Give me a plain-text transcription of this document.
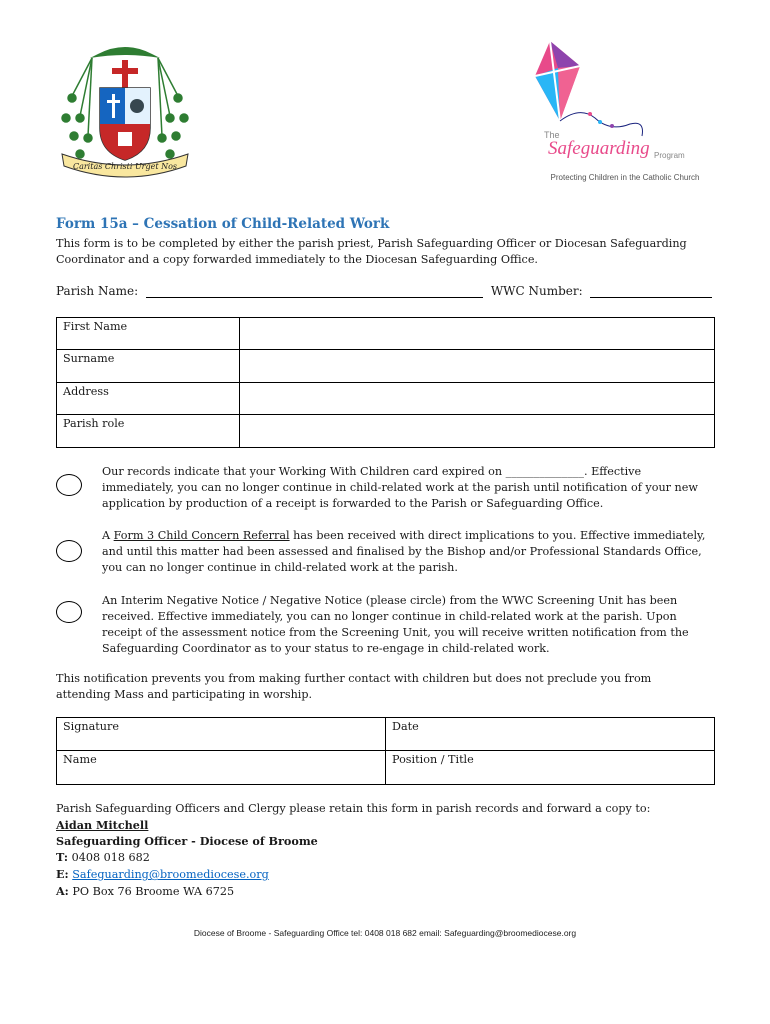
Caritas Christi Urget Nos
The
Safeguarding Program
Protecting Children in the Catholic Church
Form 15a – Cessation of Child-Related Work
This form is to be completed by either the parish priest, Parish Safeguarding Officer or Diocesan Safeguarding Coordinator and a copy forwarded immediately to the Diocesan Safeguarding Office.
Parish Name:	WWC Number:
First Name	
Surname	
Address	
Parish role	
Our records indicate that your Working With Children card expired on ______________. Effective immediately, you can no longer continue in child-related work at the parish until notification of your new application by production of a receipt is forwarded to the Parish or Safeguarding Office.
A Form 3 Child Concern Referral has been received with direct implications to you. Effective immediately, and until this matter had been assessed and finalised by the Bishop and/or Professional Standards Office, you can no longer continue in child-related work at the parish.
An Interim Negative Notice / Negative Notice (please circle) from the WWC Screening Unit has been received. Effective immediately, you can no longer continue in child-related work at the parish. Upon receipt of the assessment notice from the Screening Unit, you will receive written notification from the Safeguarding Coordinator as to your status to re-engage in child-related work.
This notification prevents you from making further contact with children but does not preclude you from attending Mass and participating in worship.
Signature	Date
Name	Position / Title
Parish Safeguarding Officers and Clergy please retain this form in parish records and forward a copy to:
Aidan Mitchell
Safeguarding Officer - Diocese of Broome
T: 0408 018 682
E: Safeguarding@broomediocese.org
A: PO Box 76 Broome WA 6725
Diocese of Broome - Safeguarding Office tel: 0408 018 682 email: Safeguarding@broomediocese.org
